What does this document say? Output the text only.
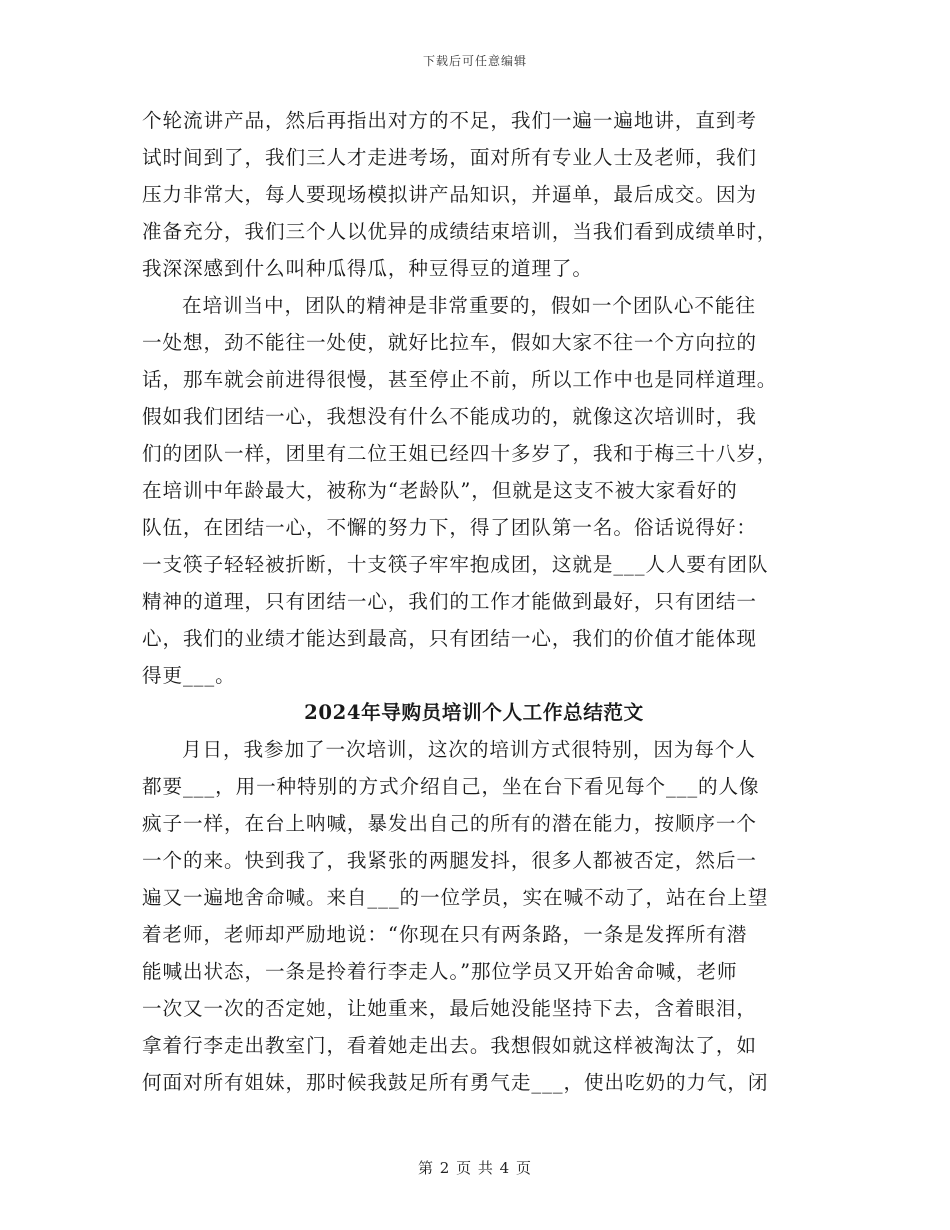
下载后可任意编辑
个轮流讲产品，然后再指出对方的不足，我们一遍一遍地讲，直到考
试时间到了，我们三人才走进考场，面对所有专业人士及老师，我们
压力非常大，每人要现场模拟讲产品知识，并逼单，最后成交。因为
准备充分，我们三个人以优异的成绩结束培训，当我们看到成绩单时，
我深深感到什么叫种瓜得瓜，种豆得豆的道理了。
在培训当中，团队的精神是非常重要的，假如一个团队心不能往
一处想，劲不能往一处使，就好比拉车，假如大家不往一个方向拉的
话，那车就会前进得很慢，甚至停止不前，所以工作中也是同样道理。
假如我们团结一心，我想没有什么不能成功的，就像这次培训时，我
们的团队一样，团里有二位王姐已经四十多岁了，我和于梅三十八岁，
在培训中年龄最大，被称为“老龄队”，但就是这支不被大家看好的
队伍，在团结一心，不懈的努力下，得了团队第一名。俗话说得好：
一支筷子轻轻被折断，十支筷子牢牢抱成团，这就是___人人要有团队
精神的道理，只有团结一心，我们的工作才能做到最好，只有团结一
心，我们的业绩才能达到最高，只有团结一心，我们的价值才能体现
得更___。
2024年导购员培训个人工作总结范文
月日，我参加了一次培训，这次的培训方式很特别，因为每个人
都要___，用一种特别的方式介绍自己，坐在台下看见每个___的人像
疯子一样，在台上呐喊，暴发出自己的所有的潜在能力，按顺序一个
一个的来。快到我了，我紧张的两腿发抖，很多人都被否定，然后一
遍又一遍地舍命喊。来自___的一位学员，实在喊不动了，站在台上望
着老师，老师却严励地说：“你现在只有两条路，一条是发挥所有潜
能喊出状态，一条是拎着行李走人。”那位学员又开始舍命喊，老师
一次又一次的否定她，让她重来，最后她没能坚持下去，含着眼泪，
拿着行李走出教室门，看着她走出去。我想假如就这样被淘汰了，如
何面对所有姐妹，那时候我鼓足所有勇气走___，使出吃奶的力气，闭
第 2 页 共 4 页
